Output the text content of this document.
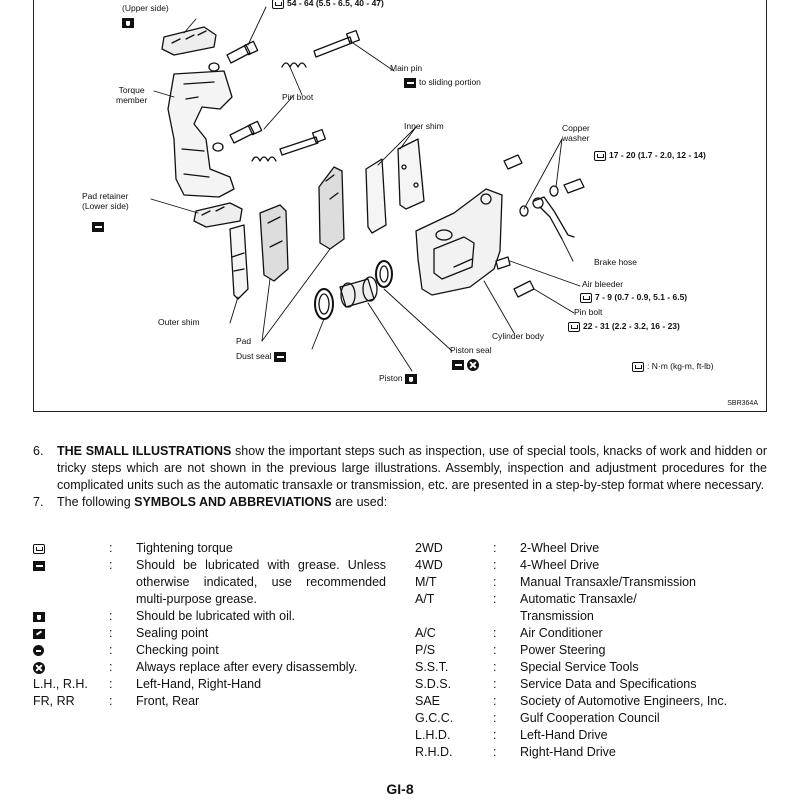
(Upper side)	54 - 64 (5.5 - 6.5, 40 - 47)
Main pin
to sliding portion
Torque
member	Pin boot
Inner shim	Copper
washer
17 - 20 (1.7 - 2.0, 12 - 14)
Pad retainer
(Lower side)
Brake hose
Air bleeder
7 - 9 (0.7 - 0.9, 5.1 - 6.5)
Pin bolt
22 - 31 (2.2 - 3.2, 16 - 23)
Outer shim
Cylinder body
Pad
Dust seal
Piston seal
: N·m (kg-m, ft-lb)
Piston
SBR364A
6.	THE SMALL ILLUSTRATIONS show the important steps such as inspection, use of special tools, knacks of work and hidden or tricky steps which are not shown in the previous large illustrations. Assembly, inspection and adjustment procedures for the complicated units such as the automatic transaxle or transmission, etc. are presented in a step-by-step format where necessary.
7.	The following SYMBOLS AND ABBREVIATIONS are used:
:	Tightening torque
:	Should be lubricated with grease. Unless otherwise indicated, use recommended multi-purpose grease.
:	Should be lubricated with oil.
:	Sealing point
:	Checking point
:	Always replace after every disassembly.
L.H., R.H.	:	Left-Hand, Right-Hand
FR, RR	:	Front, Rear
2WD	:	2-Wheel Drive
4WD	:	4-Wheel Drive
M/T	:	Manual Transaxle/Transmission
A/T	:	Automatic Transaxle/ Transmission
A/C	:	Air Conditioner
P/S	:	Power Steering
S.S.T.	:	Special Service Tools
S.D.S.	:	Service Data and Specifications
SAE	:	Society of Automotive Engineers, Inc.
G.C.C.	:	Gulf Cooperation Council
L.H.D.	:	Left-Hand Drive
R.H.D.	:	Right-Hand Drive
GI-8
